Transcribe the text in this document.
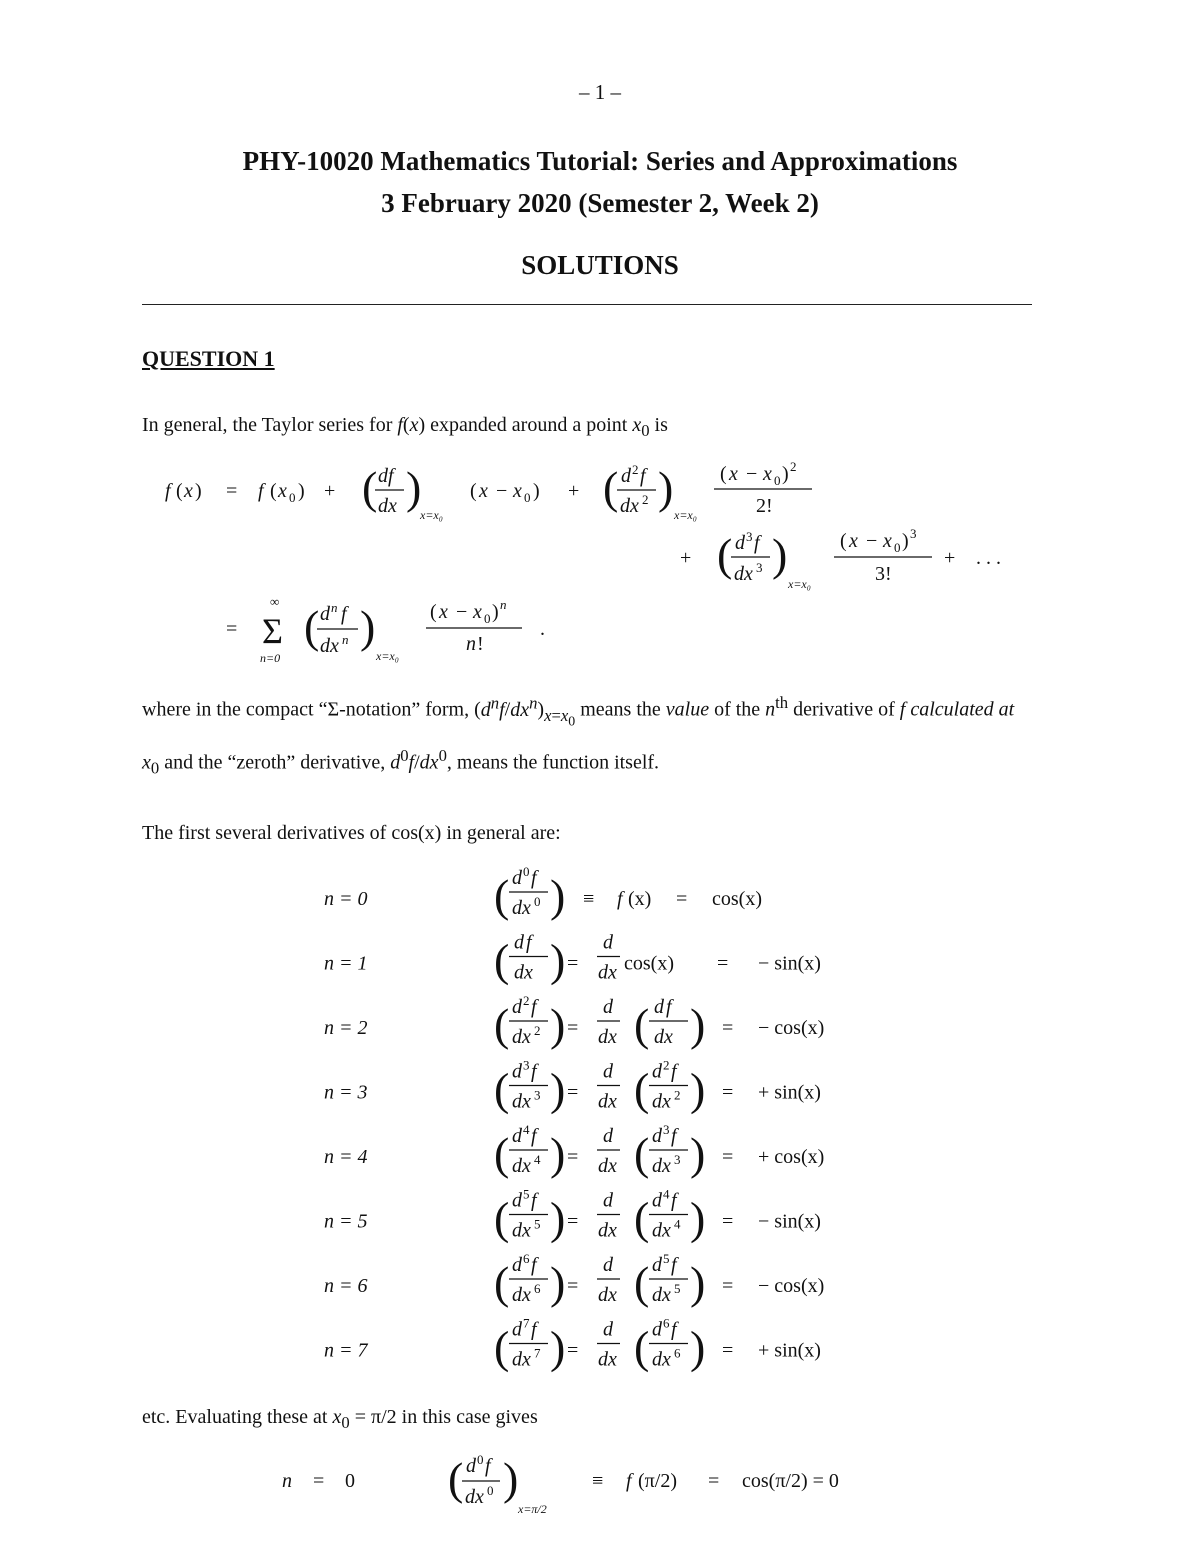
– 1 –
PHY-10020 Mathematics Tutorial: Series and Approximations
3 February 2020 (Semester 2, Week 2)
SOLUTIONS
QUESTION 1
In general, the Taylor series for f(x) expanded around a point $x_0$ is
where in the compact “Σ-notation” form, $(d^nf/dx^n)_{x=x_0}$ means the value of the $n^{th}$ derivative of f calculated at $x_0$ and the “zeroth” derivative, $d^0f/dx^0$, means the function itself.
The first several derivatives of cos(x) in general are:
etc. Evaluating these at $x_0 = \pi/2$ in this case gives
f ( x ) = f ( x 0 ) + ( df
dx )
x=x₀
( x − x 0 ) + ( d 2 f
dx 2 )
x=x₀
( x − x 0 ) 2
2!
+ ( d 3 f
dx 3 )
x=x₀
( x − x 0 ) 3
3!
+ . . .
=
∞
Σ
n=0
( d n f
dx n )
x=x₀
( x − x 0 ) n
n !
.
n = 0	( d 0 f
dx 0 ) ≡ f (x) = cos(x)
n = 1	( d f
dx ) =
d
dx cos(x) = − sin(x)
n = 2	( d 2 f
dx 2 ) =
d
dx ( d f
dx ) = − cos(x)
n = 3	( d 3 f
dx 3 ) =
d
dx ( d 2 f
dx 2 ) = + sin(x)
n = 4	( d 4 f
dx 4 ) =
d
dx ( d 3 f
dx 3 ) = + cos(x)
n = 5	( d 5 f
dx 5 ) =
d
dx ( d 4 f
dx 4 ) = − sin(x)
n = 6	( d 6 f
dx 6 ) =
d
dx ( d 5 f
dx 5 ) = − cos(x)
n = 7	( d 7 f
dx 7 ) =
d
dx ( d 6 f
dx 6 ) = + sin(x)
n = 0 ( d 0 f
dx 0 )
x=π/2
≡ f (π/2) = cos(π/2) = 0
